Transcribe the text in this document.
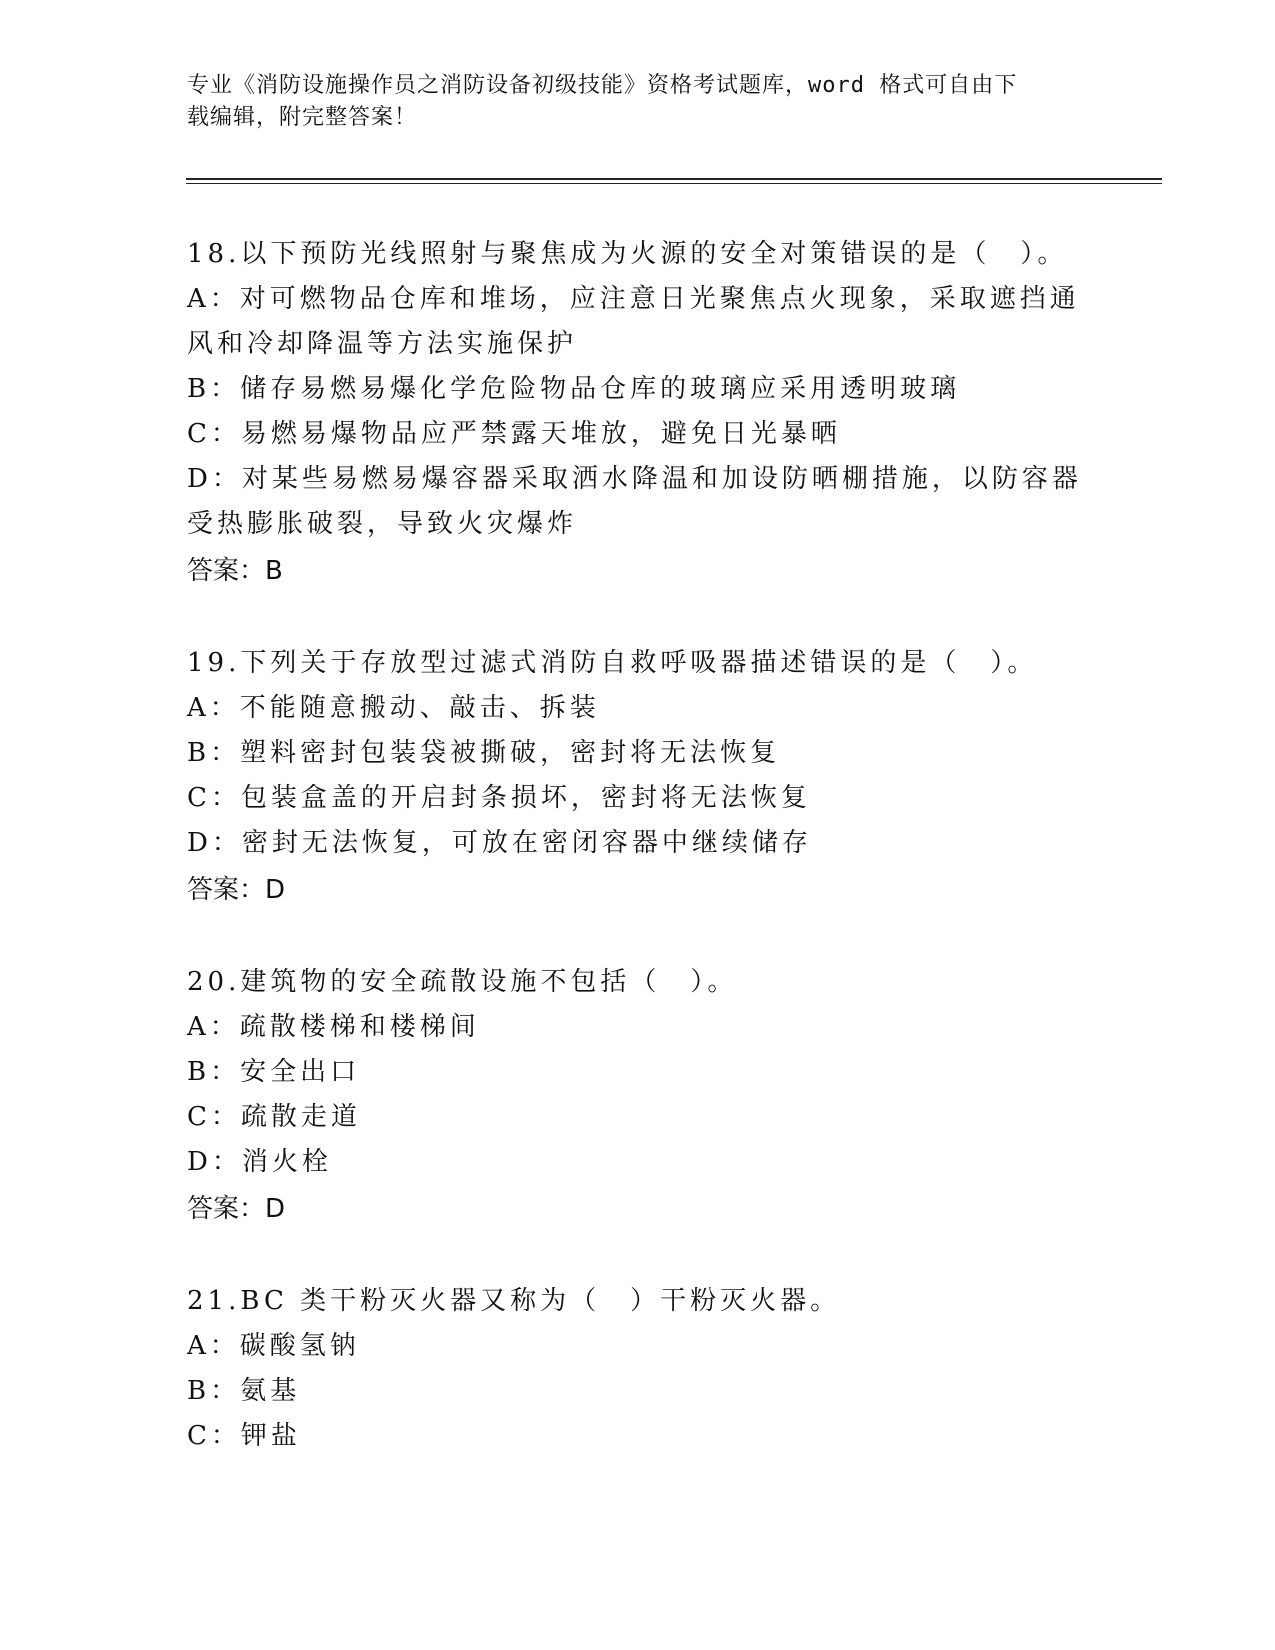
专业《消防设施操作员之消防设备初级技能》资格考试题库，word 格式可自由下
载编辑，附完整答案！
18.以下预防光线照射与聚焦成为火源的安全对策错误的是（　）。
A：对可燃物品仓库和堆场，应注意日光聚焦点火现象，采取遮挡通风和冷却降温等方法实施保护
B：储存易燃易爆化学危险物品仓库的玻璃应采用透明玻璃
C：易燃易爆物品应严禁露天堆放，避免日光暴晒
D：对某些易燃易爆容器采取洒水降温和加设防晒棚措施，以防容器受热膨胀破裂，导致火灾爆炸
答案：B
19.下列关于存放型过滤式消防自救呼吸器描述错误的是（　）。
A：不能随意搬动、敲击、拆装
B：塑料密封包装袋被撕破，密封将无法恢复
C：包装盒盖的开启封条损坏，密封将无法恢复
D：密封无法恢复，可放在密闭容器中继续储存
答案：D
20.建筑物的安全疏散设施不包括（　）。
A：疏散楼梯和楼梯间
B：安全出口
C：疏散走道
D：消火栓
答案：D
21.BC 类干粉灭火器又称为（　）干粉灭火器。
A：碳酸氢钠
B：氨基
C：钾盐
